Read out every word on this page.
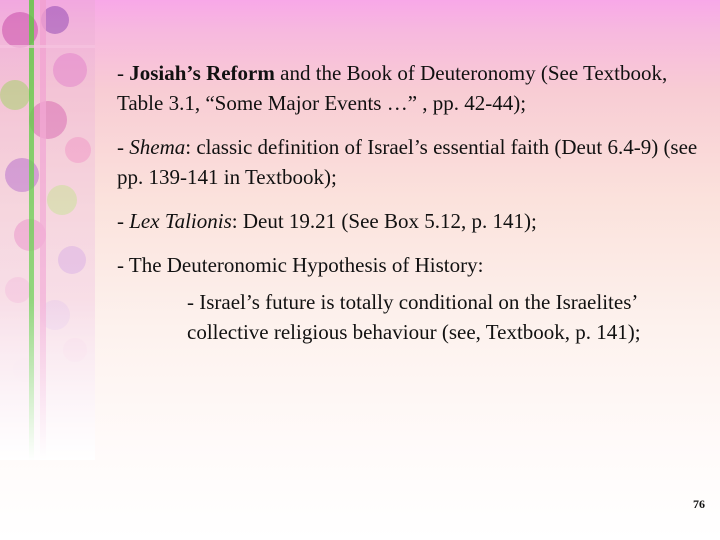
- Josiah’s Reform and the Book of Deuteronomy (See Textbook, Table 3.1, “Some Major Events …” , pp. 42-44);
- Shema: classic definition of Israel’s essential faith (Deut 6.4-9) (see pp. 139-141 in Textbook);
- Lex Talionis: Deut 19.21 (See Box 5.12, p. 141);
- The Deuteronomic Hypothesis of History:
- Israel’s future is totally conditional on the Israelites’ collective religious behaviour (see, Textbook, p. 141);
76
